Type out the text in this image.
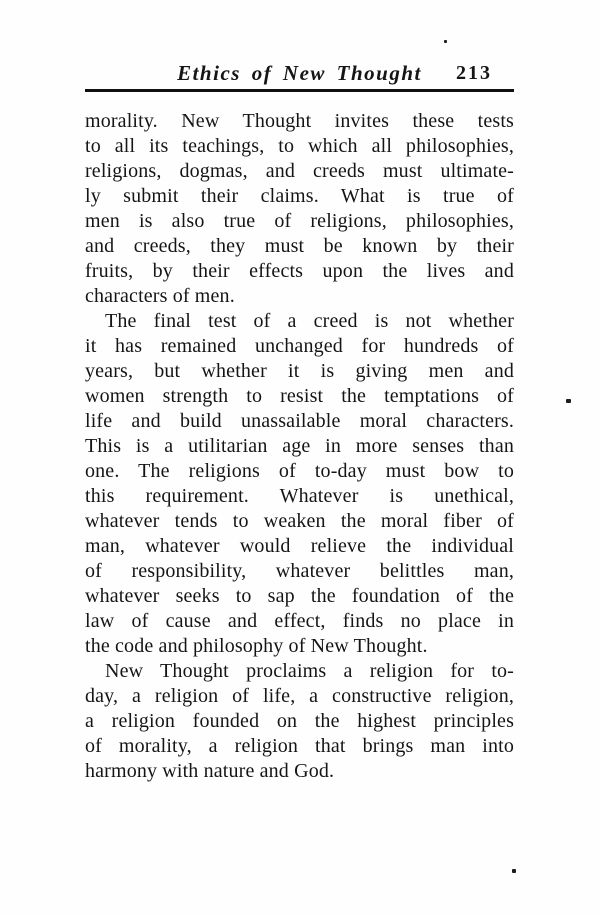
Ethics of New Thought	213
morality. New Thought invites these tests
to all its teachings, to which all philosophies,
religions, dogmas, and creeds must ultimate-
ly submit their claims. What is true of
men is also true of religions, philosophies,
and creeds, they must be known by their
fruits, by their effects upon the lives and
characters of men.
The final test of a creed is not whether
it has remained unchanged for hundreds of
years, but whether it is giving men and
women strength to resist the temptations of
life and build unassailable moral characters.
This is a utilitarian age in more senses than
one. The religions of to-day must bow to
this requirement. Whatever is unethical,
whatever tends to weaken the moral fiber of
man, whatever would relieve the individual
of responsibility, whatever belittles man,
whatever seeks to sap the foundation of the
law of cause and effect, finds no place in
the code and philosophy of New Thought.
New Thought proclaims a religion for to-
day, a religion of life, a constructive religion,
a religion founded on the highest principles
of morality, a religion that brings man into
harmony with nature and God.
